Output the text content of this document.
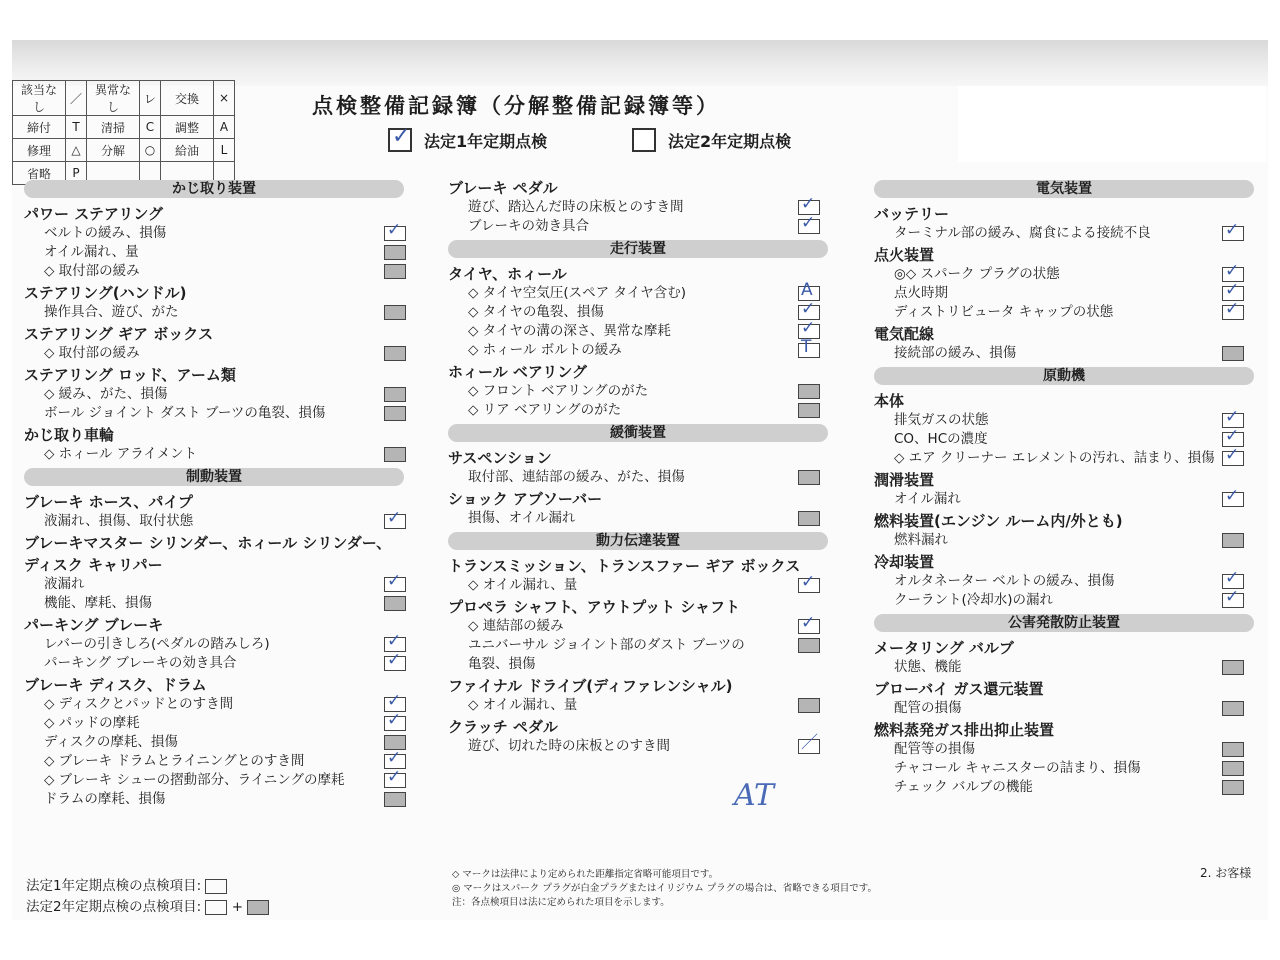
該当なし	／	異常なし	レ	交換	×
締付	T	清掃	C	調整	A
修理	△	分解	○	給油	L
省略	P				
点検整備記録簿（分解整備記録簿等）
✓ 法定1年定期点検	法定2年定期点検
かじ取り装置
パワー ステアリング
ベルトの緩み、損傷	✓
オイル漏れ、量
◇ 取付部の緩み
ステアリング(ハンドル)
操作具合、遊び、がた
ステアリング ギア ボックス
◇ 取付部の緩み
ステアリング ロッド、アーム類
◇ 緩み、がた、損傷
ボール ジョイント ダスト ブーツの亀裂、損傷
かじ取り車輪
◇ ホィール アライメント
制動装置
ブレーキ ホース、パイプ
液漏れ、損傷、取付状態	✓
ブレーキマスター シリンダー、ホィール シリンダー、
ディスク キャリパー
液漏れ	✓
機能、摩耗、損傷
パーキング ブレーキ
レバーの引きしろ(ペダルの踏みしろ)	✓
パーキング ブレーキの効き具合	✓
ブレーキ ディスク、ドラム
◇ ディスクとパッドとのすき間	✓
◇ パッドの摩耗	✓
ディスクの摩耗、損傷
◇ ブレーキ ドラムとライニングとのすき間	✓
◇ ブレーキ シューの摺動部分、ライニングの摩耗	✓
ドラムの摩耗、損傷
ブレーキ ペダル
遊び、踏込んだ時の床板とのすき間	✓
ブレーキの効き具合	✓
走行装置
タイヤ、ホィール
◇ タイヤ空気圧(スペア タイヤ含む)	A
◇ タイヤの亀裂、損傷	✓
◇ タイヤの溝の深さ、異常な摩耗	✓
◇ ホィール ボルトの緩み	T
ホィール ベアリング
◇ フロント ベアリングのがた
◇ リア ベアリングのがた
緩衝装置
サスペンション
取付部、連結部の緩み、がた、損傷
ショック アブソーバー
損傷、オイル漏れ
動力伝達装置
トランスミッション、トランスファー ギア ボックス
◇ オイル漏れ、量	✓
プロペラ シャフト、アウトプット シャフト
◇ 連結部の緩み	✓
ユニバーサル ジョイント部のダスト ブーツの
亀裂、損傷
ファイナル ドライブ(ディファレンシャル)
◇ オイル漏れ、量
クラッチ ペダル
遊び、切れた時の床板とのすき間	／
電気装置
バッテリー
ターミナル部の緩み、腐食による接続不良	✓
点火装置
◎◇ スパーク プラグの状態	✓
点火時期	✓
ディストリビュータ キャップの状態	✓
電気配線
接続部の緩み、損傷
原動機
本体
排気ガスの状態	✓
CO、HCの濃度	✓
◇ エア クリーナー エレメントの汚れ、詰まり、損傷 ✓
潤滑装置
オイル漏れ	✓
燃料装置(エンジン ルーム内/外とも)
燃料漏れ
冷却装置
オルタネーター ベルトの緩み、損傷	✓
クーラント(冷却水)の漏れ	✓
公害発散防止装置
メータリング バルブ
状態、機能
ブローバイ ガス還元装置
配管の損傷
燃料蒸発ガス排出抑止装置
配管等の損傷
チャコール キャニスターの詰まり、損傷
チェック バルブの機能
AT
法定1年定期点検の点検項目:
法定2年定期点検の点検項目: +
◇ マークは法律により定められた距離指定省略可能項目です。
◎ マークはスパーク プラグが白金プラグまたはイリジウム プラグの場合は、省略できる項目です。
注：各点検項目は法に定められた項目を示します。
2. お客様
